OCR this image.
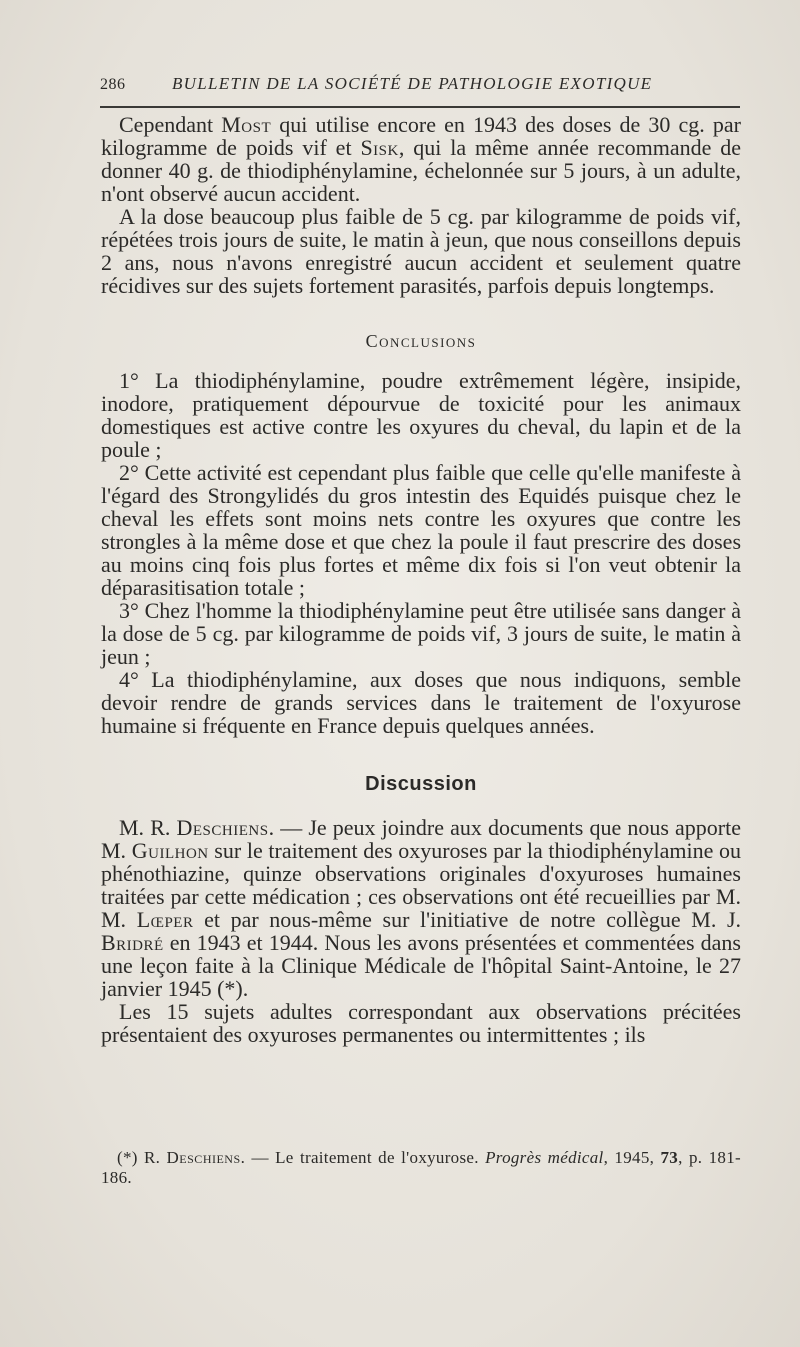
286	BULLETIN DE LA SOCIÉTÉ DE PATHOLOGIE EXOTIQUE

Cependant Most qui utilise encore en 1943 des doses de 30 cg. par kilogramme de poids vif et Sisk, qui la même année recommande de donner 40 g. de thiodiphénylamine, échelonnée sur 5 jours, à un adulte, n'ont observé aucun accident.

A la dose beaucoup plus faible de 5 cg. par kilogramme de poids vif, répétées trois jours de suite, le matin à jeun, que nous conseillons depuis 2 ans, nous n'avons enregistré aucun accident et seulement quatre récidives sur des sujets fortement parasités, parfois depuis longtemps.

Conclusions

1° La thiodiphénylamine, poudre extrêmement légère, insipide, inodore, pratiquement dépourvue de toxicité pour les animaux domestiques est active contre les oxyures du cheval, du lapin et de la poule ;

2° Cette activité est cependant plus faible que celle qu'elle manifeste à l'égard des Strongylidés du gros intestin des Equidés puisque chez le cheval les effets sont moins nets contre les oxyures que contre les strongles à la même dose et que chez la poule il faut prescrire des doses au moins cinq fois plus fortes et même dix fois si l'on veut obtenir la déparasitisation totale ;

3° Chez l'homme la thiodiphénylamine peut être utilisée sans danger à la dose de 5 cg. par kilogramme de poids vif, 3 jours de suite, le matin à jeun ;

4° La thiodiphénylamine, aux doses que nous indiquons, semble devoir rendre de grands services dans le traitement de l'oxyurose humaine si fréquente en France depuis quelques années.

Discussion

M. R. Deschiens. — Je peux joindre aux documents que nous apporte M. Guilhon sur le traitement des oxyuroses par la thiodiphénylamine ou phénothiazine, quinze observations originales d'oxyuroses humaines traitées par cette médication ; ces observations ont été recueillies par M. M. Lœper et par nous-même sur l'initiative de notre collègue M. J. Bridré en 1943 et 1944. Nous les avons présentées et commentées dans une leçon faite à la Clinique Médicale de l'hôpital Saint-Antoine, le 27 janvier 1945 (*).

Les 15 sujets adultes correspondant aux observations précitées présentaient des oxyuroses permanentes ou intermittentes ; ils

(*) R. Deschiens. — Le traitement de l'oxyurose. Progrès médical, 1945, 73, p. 181-186.
